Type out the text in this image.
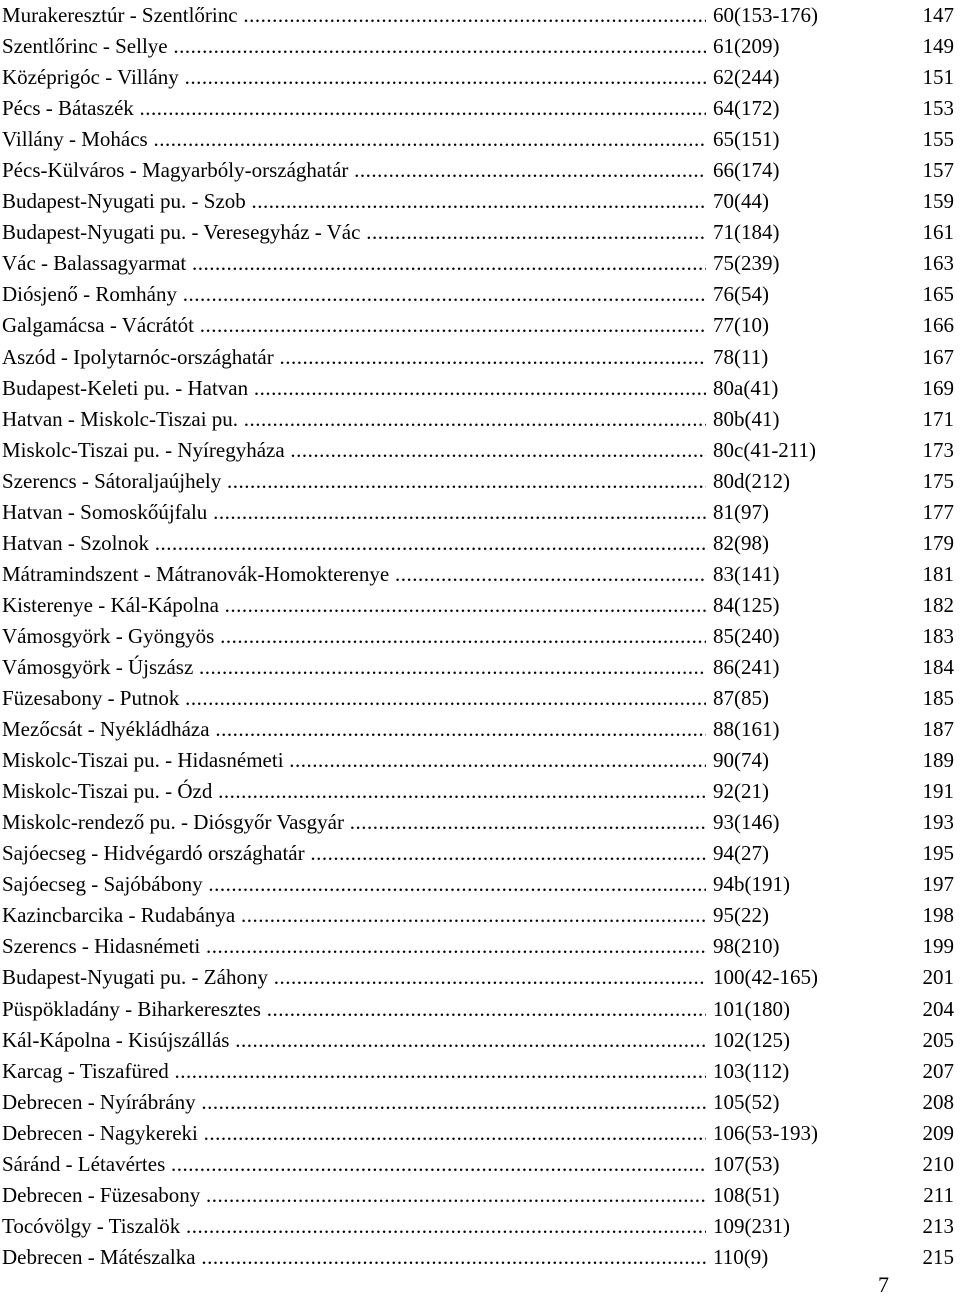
Murakeresztúr - Szentlőrinc .....	60(153-176)	147
Szentlőrinc - Sellye .....	61(209)	149
Középrigóc - Villány .....	62(244)	151
Pécs - Bátaszék .....	64(172)	153
Villány - Mohács .....	65(151)	155
Pécs-Külváros - Magyarbóly-országhatár .....	66(174)	157
Budapest-Nyugati pu. - Szob .....	70(44)	159
Budapest-Nyugati pu. - Veresegyház - Vác .....	71(184)	161
Vác - Balassagyarmat .....	75(239)	163
Diósjenő - Romhány .....	76(54)	165
Galgamácsa - Vácrátót .....	77(10)	166
Aszód - Ipolytarnóc-országhatár .....	78(11)	167
Budapest-Keleti pu. - Hatvan .....	80a(41)	169
Hatvan - Miskolc-Tiszai pu. .....	80b(41)	171
Miskolc-Tiszai pu. - Nyíregyháza .....	80c(41-211)	173
Szerencs - Sátoraljaújhely .....	80d(212)	175
Hatvan - Somoskőújfalu .....	81(97)	177
Hatvan - Szolnok .....	82(98)	179
Mátramindszent - Mátranovák-Homokterenye .....	83(141)	181
Kisterenye - Kál-Kápolna .....	84(125)	182
Vámosgyörk - Gyöngyös .....	85(240)	183
Vámosgyörk - Újszász .....	86(241)	184
Füzesabony - Putnok .....	87(85)	185
Mezőcsát - Nyékládháza .....	88(161)	187
Miskolc-Tiszai pu. - Hidasnémeti .....	90(74)	189
Miskolc-Tiszai pu. - Ózd .....	92(21)	191
Miskolc-rendező pu. - Diósgyőr Vasgyár .....	93(146)	193
Sajóecseg - Hidvégardó országhatár .....	94(27)	195
Sajóecseg - Sajóbábony .....	94b(191)	197
Kazincbarcika - Rudabánya .....	95(22)	198
Szerencs - Hidasnémeti .....	98(210)	199
Budapest-Nyugati pu. - Záhony .....	100(42-165)	201
Püspökladány - Biharkeresztes .....	101(180)	204
Kál-Kápolna - Kisújszállás .....	102(125)	205
Karcag - Tiszafüred .....	103(112)	207
Debrecen - Nyírábrány .....	105(52)	208
Debrecen - Nagykereki .....	106(53-193)	209
Sáránd - Létavértes .....	107(53)	210
Debrecen - Füzesabony .....	108(51)	211
Tocóvölgy - Tiszalök .....	109(231)	213
Debrecen - Mátészalka .....	110(9)	215
7
